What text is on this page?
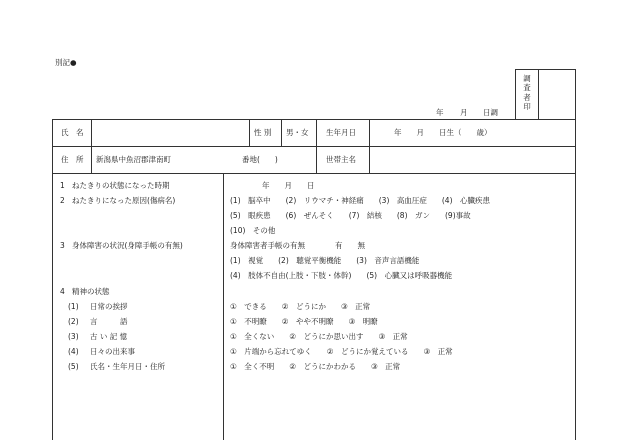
別記●
調
査
者
印
年 月 日調
氏　名	性 別 男・女 生年月日	年　　月　　日生（　　歳）
住　所 新潟県中魚沼郡津南町	番地(　　)	世帯主名
1 ねたきりの状態になった時期	年　　月　　日
2 ねたきりになった原因(傷病名)	(1)　脳卒中　　(2)　リウマチ・神経痛　　(3)　高血圧症　　(4)　心臓疾患
(5)　眼疾患　　(6)　ぜんそく　　(7)　結核　　(8)　ガン　　(9)事故
(10)　その他
3 身体障害の状況(身障手帳の有無)	身体障害者手帳の有無　　　　有　　無
(1)　視覚　　(2)　聴覚平衡機能　　(3)　音声言語機能
(4)　肢体不自由(上肢・下肢・体幹)　　(5)　心臓又は呼吸器機能
4 精神の状態
(1) 日常の挨拶	①　できる　　②　どうにか　　③　正常
(2) 言　　　語	①　不明瞭　　②　やや不明瞭　　③　明瞭
(3) 古 い 記 憶	①　全くない　　②　どうにか思い出す　　③　正常
(4) 日々の出来事	①　片端から忘れてゆく　　②　どうにか覚えている　　③　正常
(5) 氏名・生年月日・住所	①　全く不明　　②　どうにかわかる　　③　正常
